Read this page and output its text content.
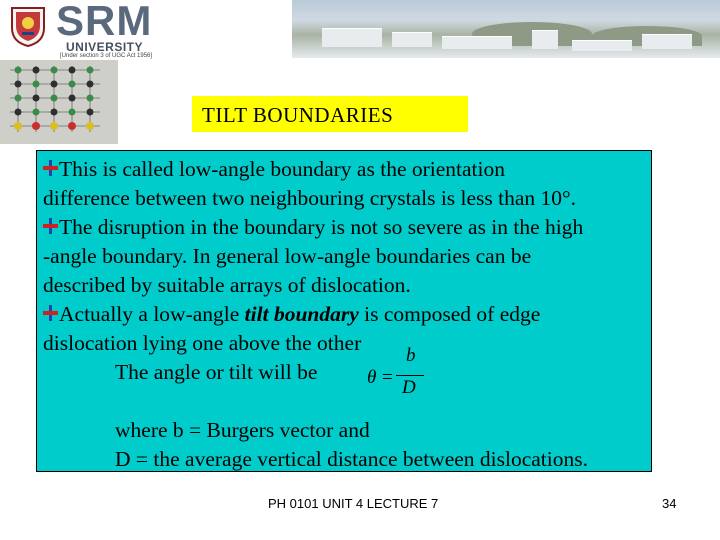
SRM
UNIVERSITY
[Under section 3 of UGC Act 1956]
TILT BOUNDARIES
This is called low-angle boundary as the orientation
difference between two neighbouring crystals is less than 10°.
The disruption in the boundary is not so severe as in the high
-angle boundary. In general low-angle boundaries can be
described by suitable arrays of dislocation.
Actually a low-angle tilt boundary is composed of edge
dislocation lying one above the other
The angle or tilt will be	θ =
b
D
where b = Burgers vector and
D = the average vertical distance between dislocations.
PH 0101 UNIT 4 LECTURE 7	34
